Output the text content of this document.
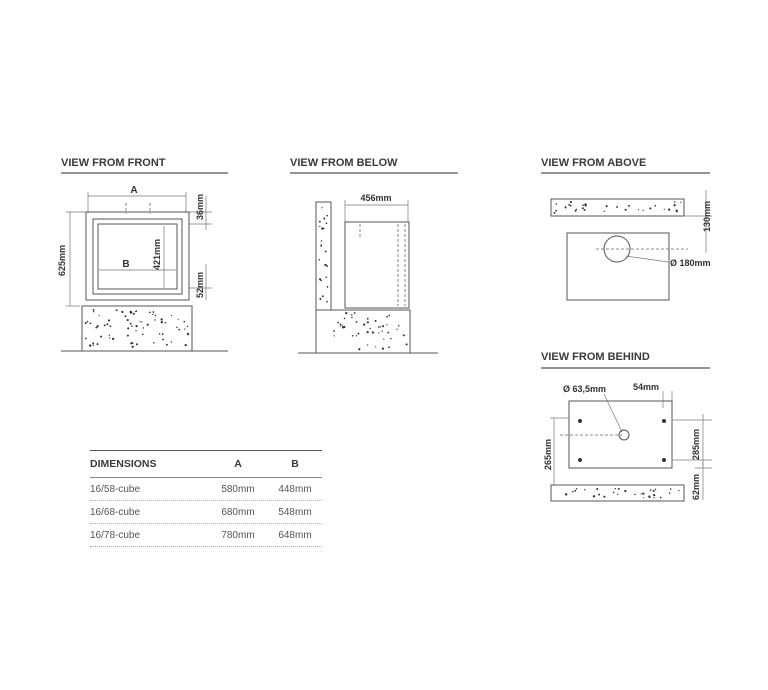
VIEW FROM FRONT
A
B 421mm
625mm
36mm
52mm
VIEW FROM BELOW
456mm
VIEW FROM ABOVE
Ø 180mm
130mm
VIEW FROM BEHIND
Ø 63,5mm	54mm
265mm	285mm
62mm
DIMENSIONS	A	B
16/58-cube	580mm	448mm
16/68-cube	680mm	548mm
16/78-cube	780mm	648mm
